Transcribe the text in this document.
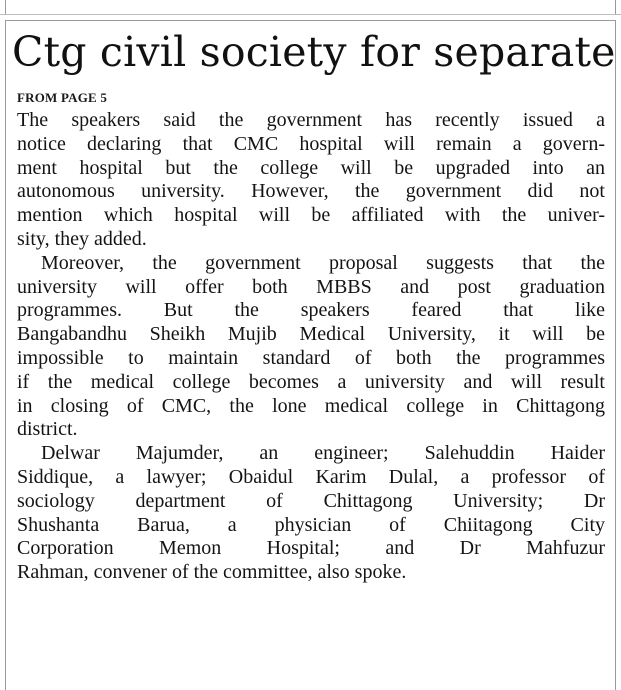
Ctg civil society for separate
FROM PAGE 5
The speakers said the government has recently issued a
notice declaring that CMC hospital will remain a govern-
ment hospital but the college will be upgraded into an
autonomous university. However, the government did not
mention which hospital will be affiliated with the univer-
sity, they added.
Moreover, the government proposal suggests that the
university will offer both MBBS and post graduation
programmes. But the speakers feared that like
Bangabandhu Sheikh Mujib Medical University, it will be
impossible to maintain standard of both the programmes
if the medical college becomes a university and will result
in closing of CMC, the lone medical college in Chittagong
district.
Delwar Majumder, an engineer; Salehuddin Haider
Siddique, a lawyer; Obaidul Karim Dulal, a professor of
sociology department of Chittagong University; Dr
Shushanta Barua, a physician of Chiitagong City
Corporation Memon Hospital; and Dr Mahfuzur
Rahman, convener of the committee, also spoke.
